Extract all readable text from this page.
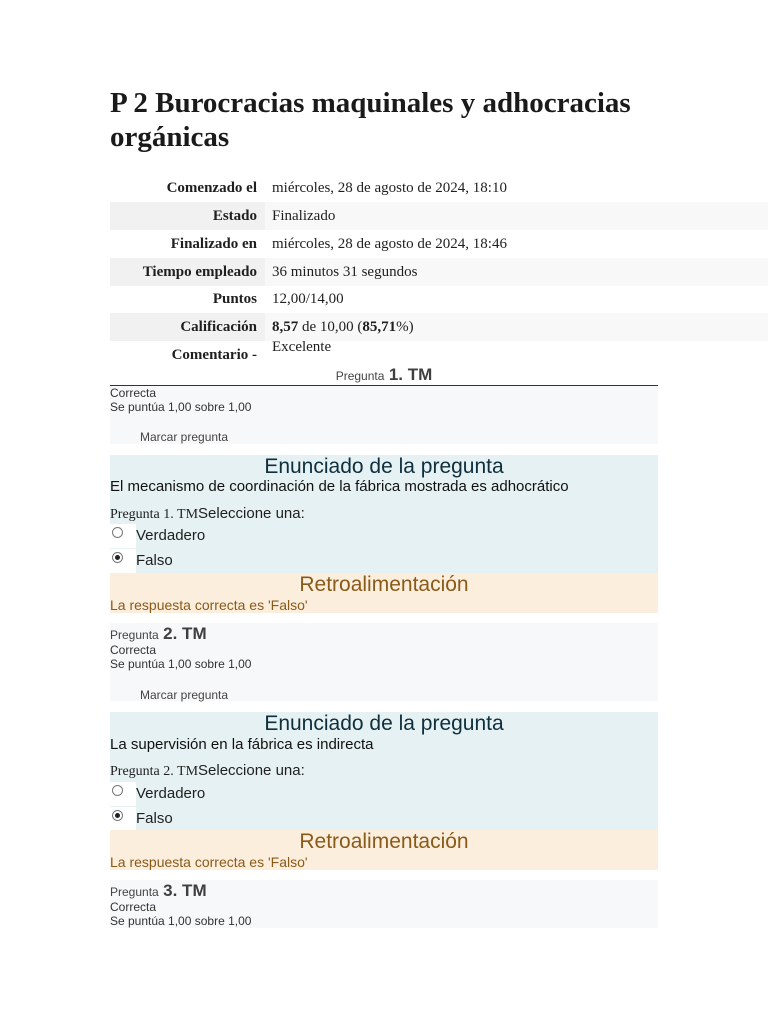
P 2 Burocracias maquinales y adhocracias orgánicas
Comenzado el miércoles, 28 de agosto de 2024, 18:10
Estado Finalizado
Finalizado en miércoles, 28 de agosto de 2024, 18:46
Tiempo empleado 36 minutos 31 segundos
Puntos 12,00/14,00
Calificación 8,57 de 10,00 (85,71%)
Comentario - Excelente
Pregunta 1. TM
Correcta
Se puntúa 1,00 sobre 1,00
Marcar pregunta
Enunciado de la pregunta
El mecanismo de coordinación de la fábrica mostrada es adhocrático
Pregunta 1. TMSeleccione una:
Verdadero
Falso
Retroalimentación
La respuesta correcta es 'Falso'
Pregunta 2. TM
Correcta
Se puntúa 1,00 sobre 1,00
Marcar pregunta
Enunciado de la pregunta
La supervisión en la fábrica es indirecta
Pregunta 2. TMSeleccione una:
Verdadero
Falso
Retroalimentación
La respuesta correcta es 'Falso'
Pregunta 3. TM
Correcta
Se puntúa 1,00 sobre 1,00
